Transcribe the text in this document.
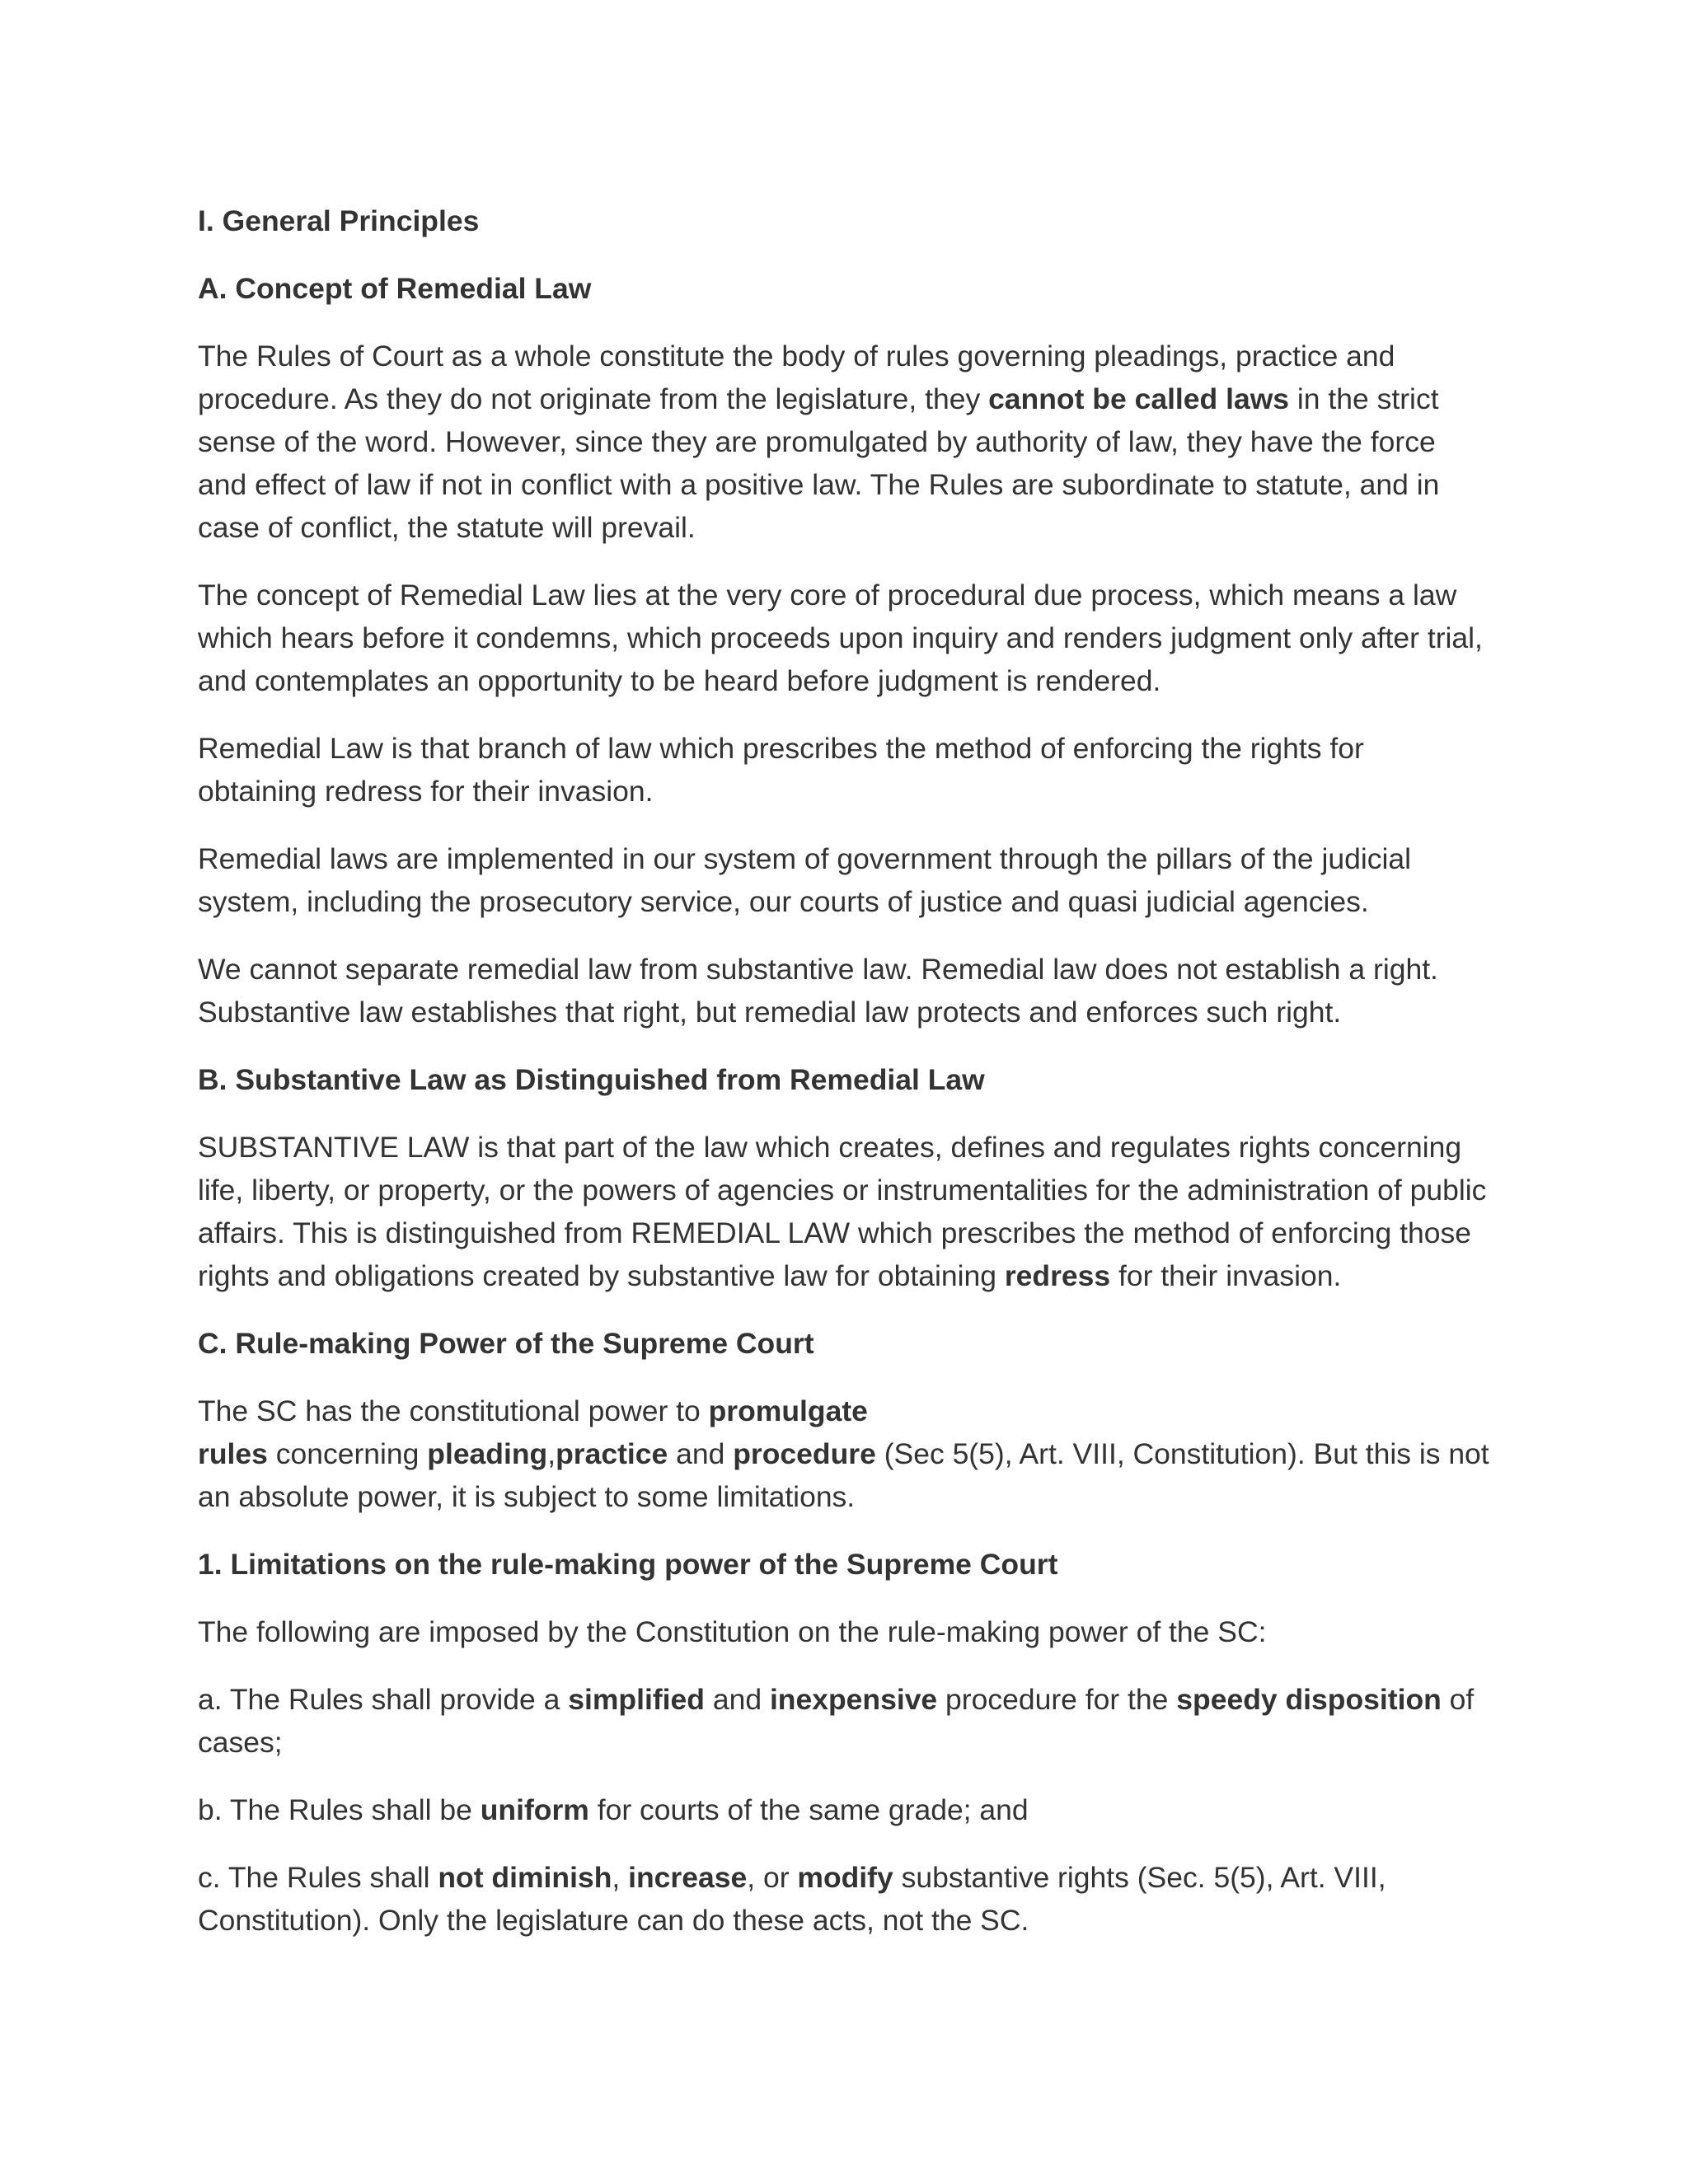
I. General Principles
A. Concept of Remedial Law

The Rules of Court as a whole constitute the body of rules governing pleadings, practice and procedure. As they do not originate from the legislature, they cannot be called laws in the strict sense of the word. However, since they are promulgated by authority of law, they have the force and effect of law if not in conflict with a positive law. The Rules are subordinate to statute, and in case of conflict, the statute will prevail.

The concept of Remedial Law lies at the very core of procedural due process, which means a law which hears before it condemns, which proceeds upon inquiry and renders judgment only after trial, and contemplates an opportunity to be heard before judgment is rendered.

Remedial Law is that branch of law which prescribes the method of enforcing the rights for obtaining redress for their invasion.

Remedial laws are implemented in our system of government through the pillars of the judicial system, including the prosecutory service, our courts of justice and quasi judicial agencies.

We cannot separate remedial law from substantive law. Remedial law does not establish a right. Substantive law establishes that right, but remedial law protects and enforces such right.

B. Substantive Law as Distinguished from Remedial Law

SUBSTANTIVE LAW is that part of the law which creates, defines and regulates rights concerning life, liberty, or property, or the powers of agencies or instrumentalities for the administration of public affairs. This is distinguished from REMEDIAL LAW which prescribes the method of enforcing those rights and obligations created by substantive law for obtaining redress for their invasion.

C. Rule-making Power of the Supreme Court

The SC has the constitutional power to promulgate
rules concerning pleading,practice and procedure (Sec 5(5), Art. VIII, Constitution). But this is not an absolute power, it is subject to some limitations.

1. Limitations on the rule-making power of the Supreme Court

The following are imposed by the Constitution on the rule-making power of the SC:

a. The Rules shall provide a simplified and inexpensive procedure for the speedy disposition of cases;

b. The Rules shall be uniform for courts of the same grade; and

c. The Rules shall not diminish, increase, or modify substantive rights (Sec. 5(5), Art. VIII, Constitution). Only the legislature can do these acts, not the SC.
